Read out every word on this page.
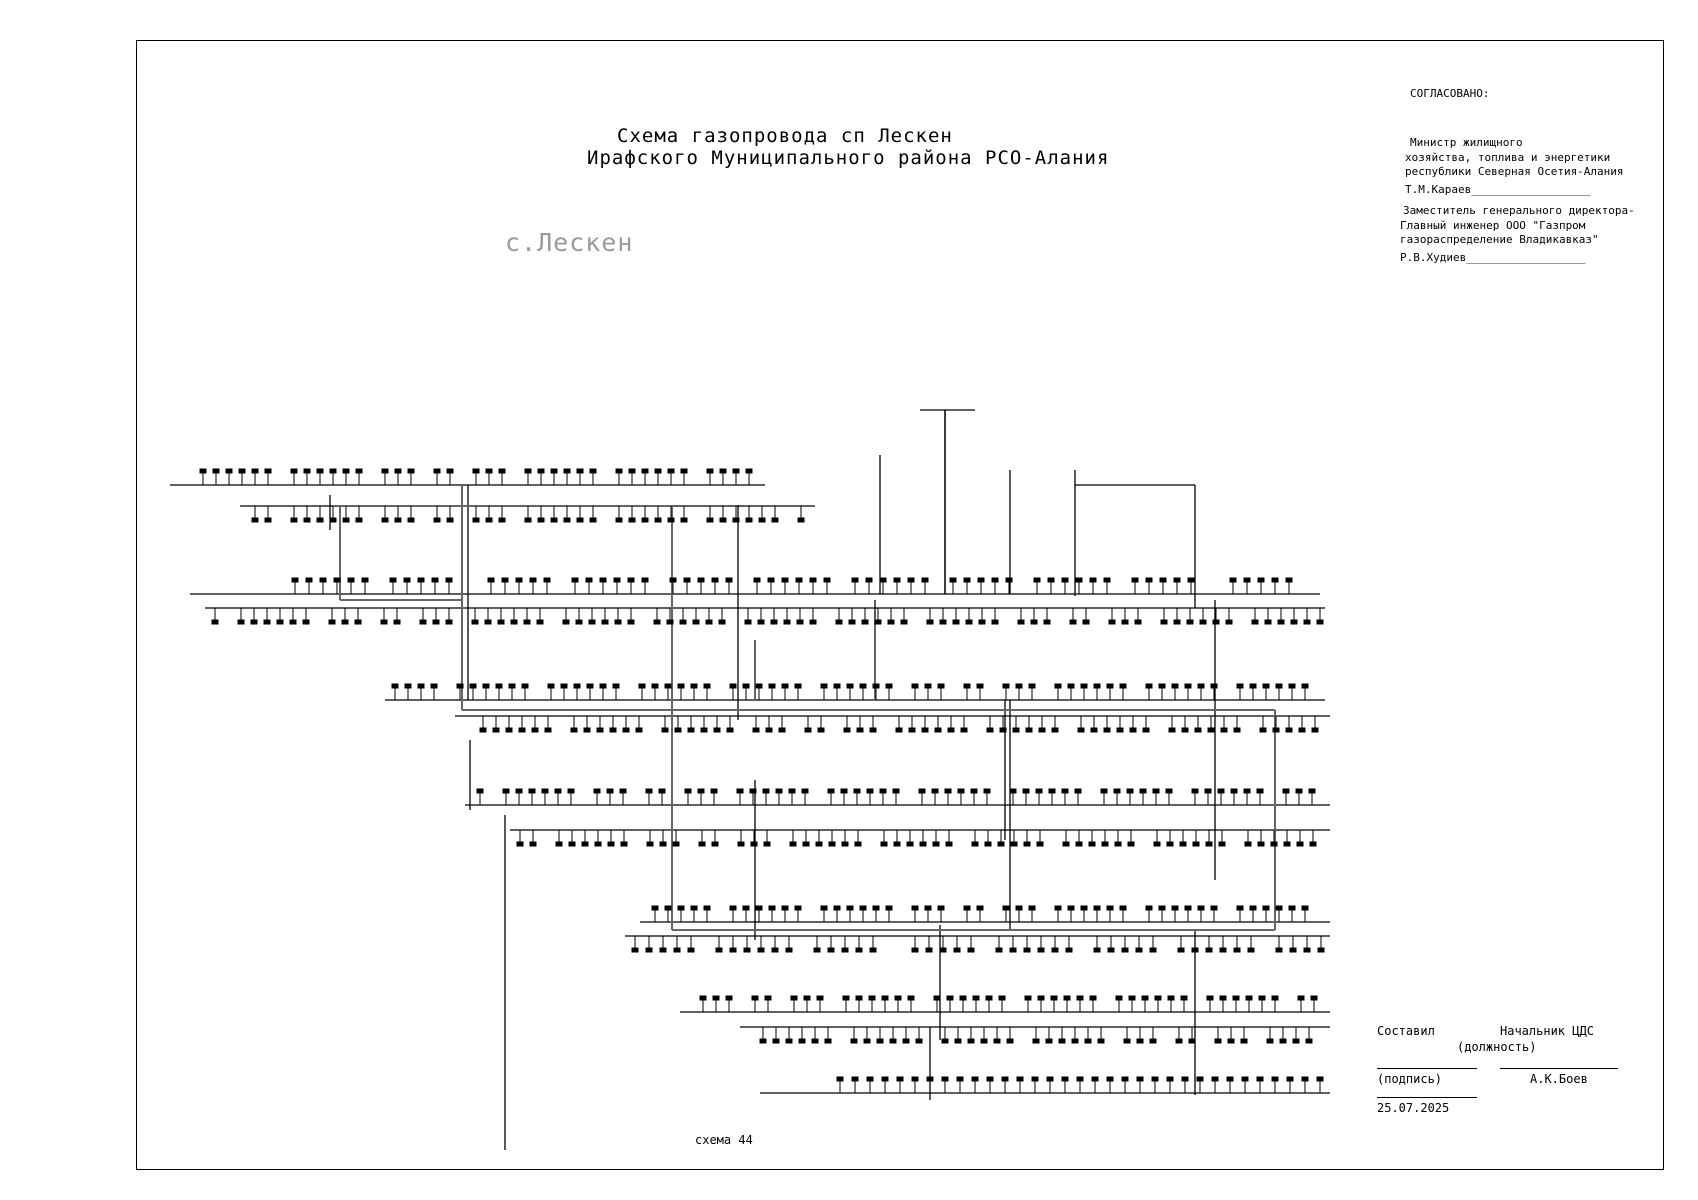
Схема газопровода сп Лескен
Ирафского Муниципального района РСО-Алания
с.Лескен
СОГЛАСОВАНО:
Министр жилищного
хозяйства, топлива и энергетики
республики Северная Осетия-Алания
Т.М.Караев__________________
Заместитель генерального директора-
Главный инженер ООО "Газпром
газораспределение Владикавказ"
Р.В.Худиев__________________
Составил	Начальник ЦДС
(должность)
(подпись)	А.К.Боев
25.07.2025
схема 44
